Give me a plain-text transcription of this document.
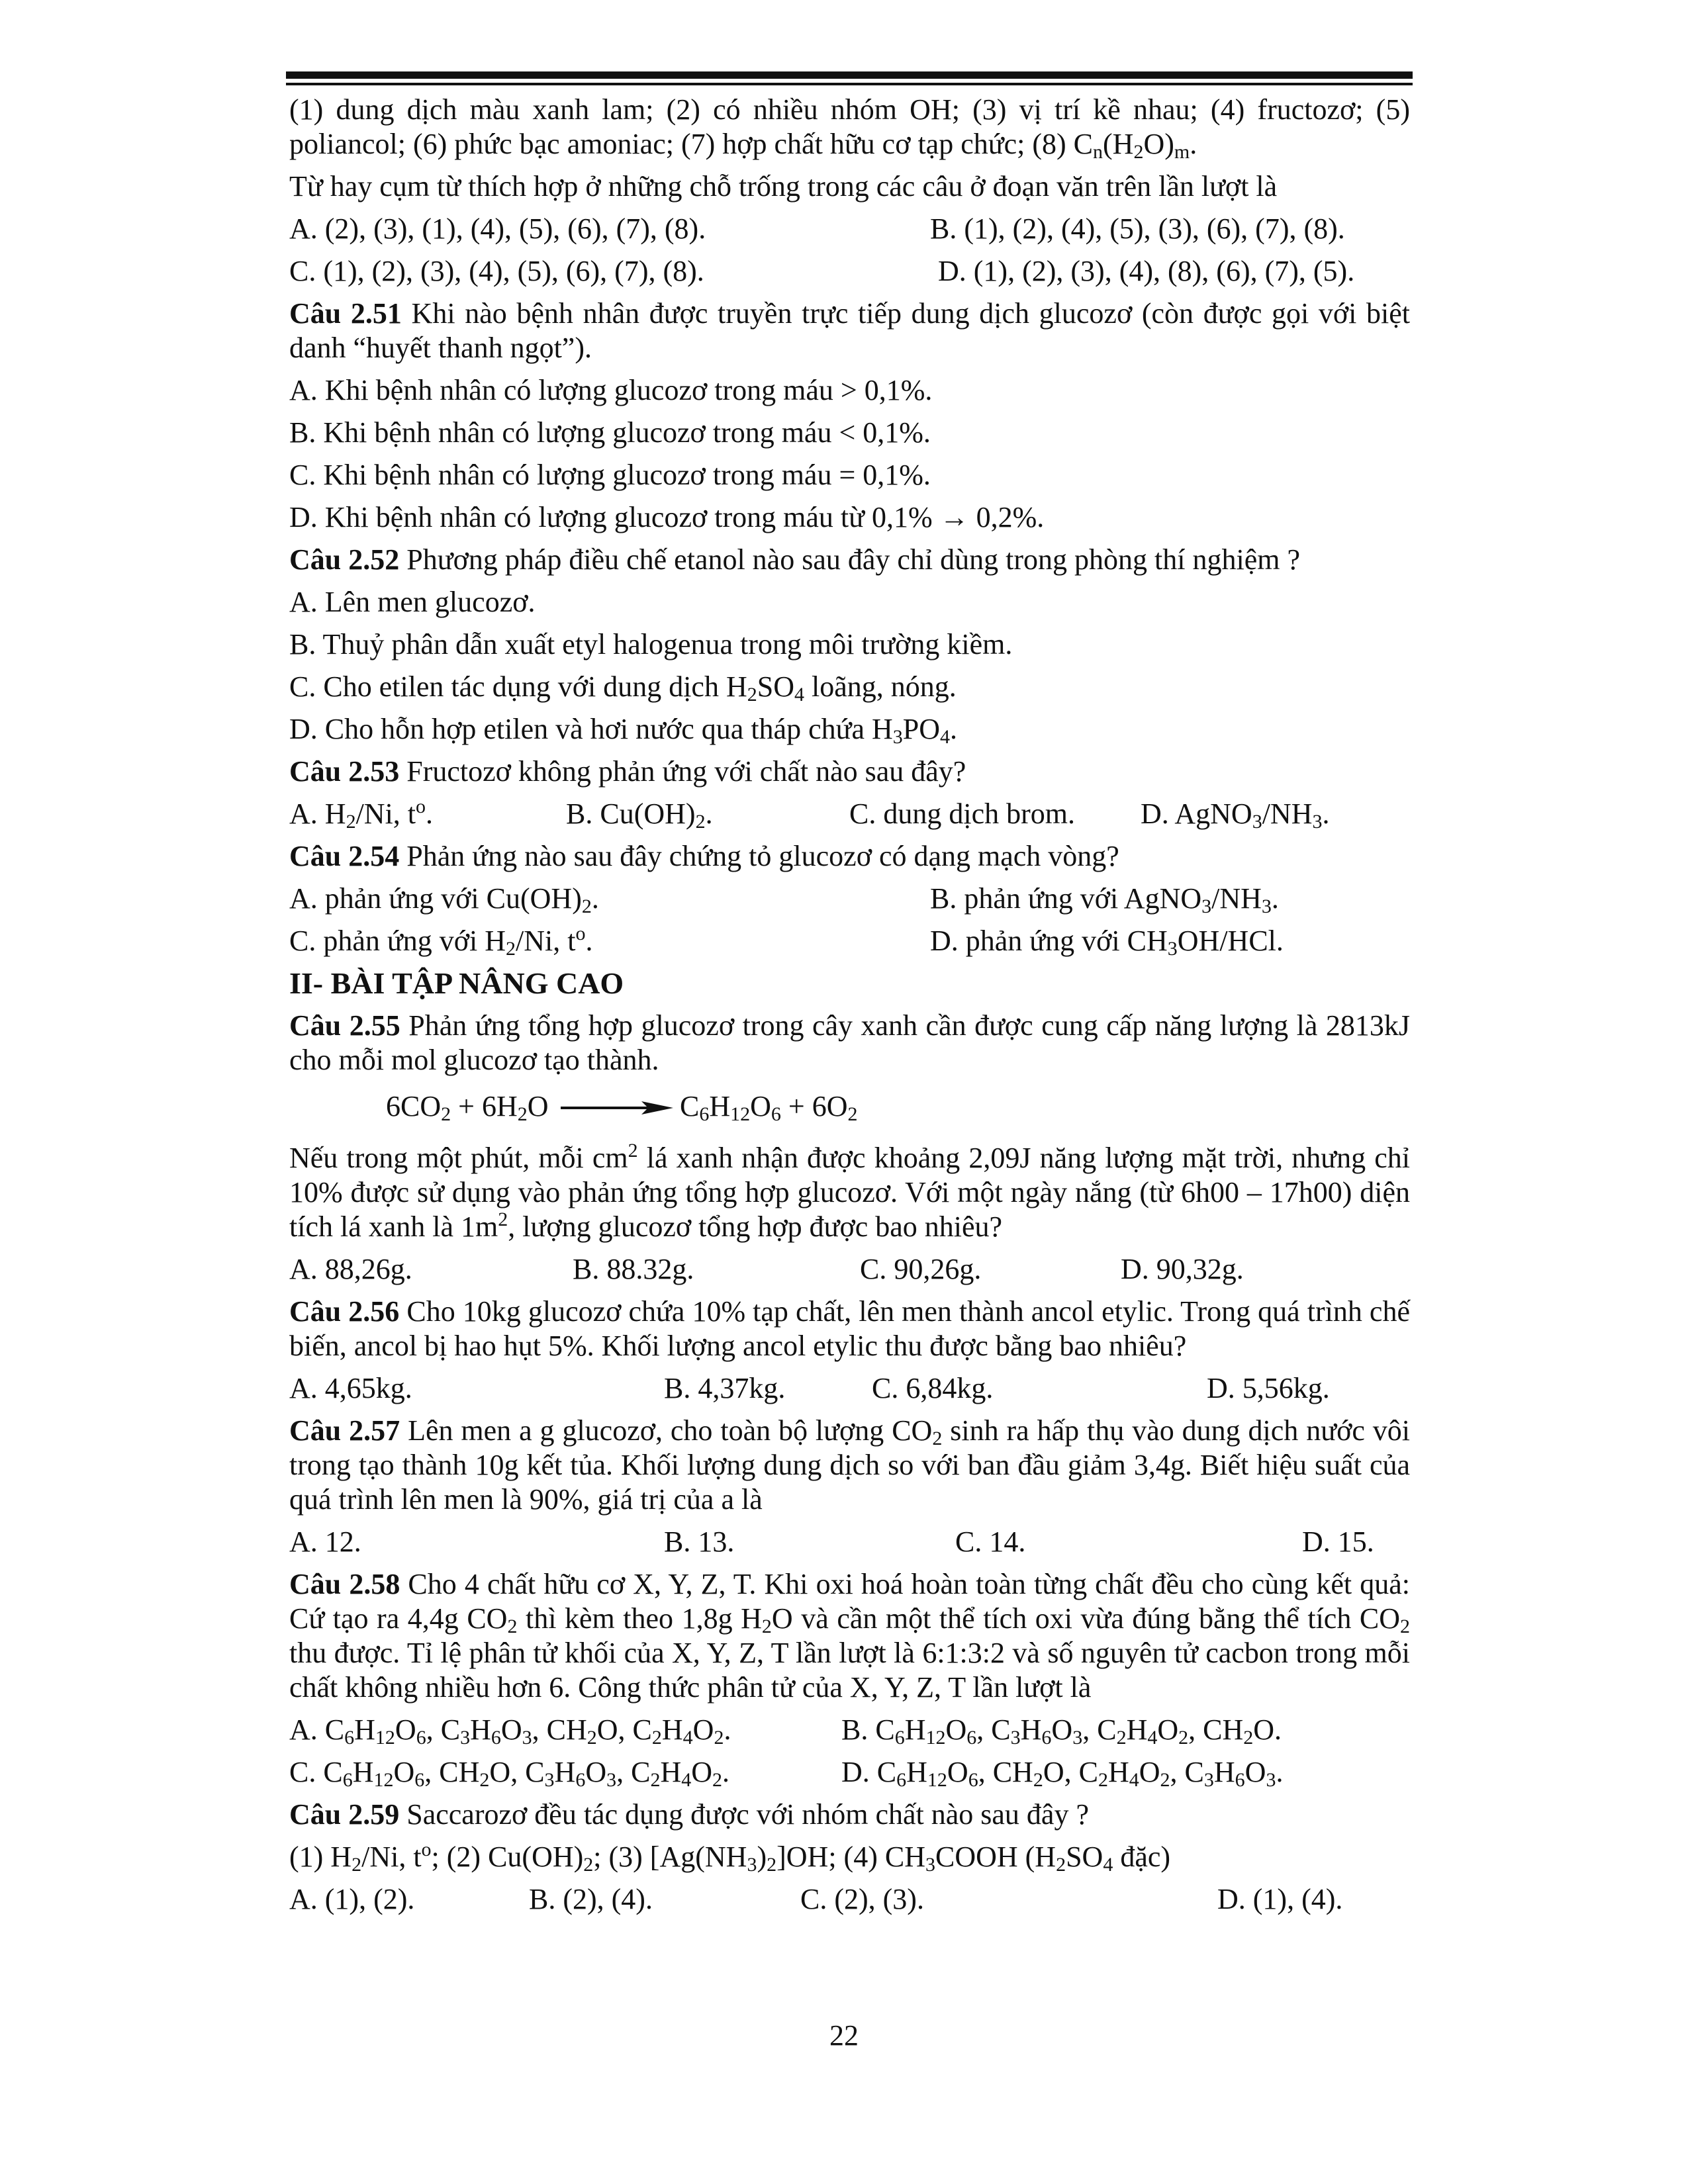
(1) dung dịch màu xanh lam; (2) có nhiều nhóm OH; (3) vị trí kề nhau; (4) fructozơ; (5) poliancol; (6) phức bạc amoniac; (7) hợp chất hữu cơ tạp chức; (8) $C_n(H_2O)_m$.

Từ hay cụm từ thích hợp ở những chỗ trống trong các câu ở đoạn văn trên lần lượt là

A. (2), (3), (1), (4), (5), (6), (7), (8).	B. (1), (2), (4), (5), (3), (6), (7), (8).
C. (1), (2), (3), (4), (5), (6), (7), (8).	D. (1), (2), (3), (4), (8), (6), (7), (5).

Câu 2.51 Khi nào bệnh nhân được truyền trực tiếp dung dịch glucozơ (còn được gọi với biệt danh “huyết thanh ngọt”).

A. Khi bệnh nhân có lượng glucozơ trong máu > 0,1%.

B. Khi bệnh nhân có lượng glucozơ trong máu < 0,1%.

C. Khi bệnh nhân có lượng glucozơ trong máu = 0,1%.

D. Khi bệnh nhân có lượng glucozơ trong máu từ 0,1% → 0,2%.

Câu 2.52 Phương pháp điều chế etanol nào sau đây chỉ dùng trong phòng thí nghiệm ?

A. Lên men glucozơ.

B. Thuỷ phân dẫn xuất etyl halogenua trong môi trường kiềm.

C. Cho etilen tác dụng với dung dịch $H_2SO_4$ loãng, nóng.

D. Cho hỗn hợp etilen và hơi nước qua tháp chứa $H_3PO_4$.

Câu 2.53 Fructozơ không phản ứng với chất nào sau đây?

A. $H_2/Ni$, $t^o$.	B. $Cu(OH)_2$.	C. dung dịch brom. D. $AgNO_3/NH_3$.

Câu 2.54 Phản ứng nào sau đây chứng tỏ glucozơ có dạng mạch vòng?

A. phản ứng với $Cu(OH)_2$.	B. phản ứng với $AgNO_3/NH_3$.
C. phản ứng với $H_2/Ni$, $t^o$.	D. phản ứng với $CH_3OH$/HCl.

II- BÀI TẬP NÂNG CAO

Câu 2.55 Phản ứng tổng hợp glucozơ trong cây xanh cần được cung cấp năng lượng là 2813kJ cho mỗi mol glucozơ tạo thành.

$6CO_2 + 6H_2O \to C_6H_{12}O_6 + 6O_2$

Nếu trong một phút, mỗi $cm^2$ lá xanh nhận được khoảng 2,09J năng lượng mặt trời, nhưng chỉ 10% được sử dụng vào phản ứng tổng hợp glucozơ. Với một ngày nắng (từ 6h00 – 17h00) diện tích lá xanh là $1m^2$, lượng glucozơ tổng hợp được bao nhiêu?

A. 88,26g.	B. 88.32g.	C. 90,26g.	D. 90,32g.

Câu 2.56 Cho 10kg glucozơ chứa 10% tạp chất, lên men thành ancol etylic. Trong quá trình chế biến, ancol bị hao hụt 5%. Khối lượng ancol etylic thu được bằng bao nhiêu?

A. 4,65kg.	B. 4,37kg.	C. 6,84kg.	D. 5,56kg.

Câu 2.57 Lên men a g glucozơ, cho toàn bộ lượng $CO_2$ sinh ra hấp thụ vào dung dịch nước vôi trong tạo thành 10g kết tủa. Khối lượng dung dịch so với ban đầu giảm 3,4g. Biết hiệu suất của quá trình lên men là 90%, giá trị của a là

A. 12.	B. 13.	C. 14.	D. 15.

Câu 2.58 Cho 4 chất hữu cơ X, Y, Z, T. Khi oxi hoá hoàn toàn từng chất đều cho cùng kết quả: Cứ tạo ra 4,4g $CO_2$ thì kèm theo 1,8g $H_2O$ và cần một thể tích oxi vừa đúng bằng thể tích $CO_2$ thu được. Tỉ lệ phân tử khối của X, Y, Z, T lần lượt là 6:1:3:2 và số nguyên tử cacbon trong mỗi chất không nhiều hơn 6. Công thức phân tử của X, Y, Z, T lần lượt là

A. $C_6H_{12}O_6$, $C_3H_6O_3$, $CH_2O$, $C_2H_4O_2$.	B. $C_6H_{12}O_6$, $C_3H_6O_3$, $C_2H_4O_2$, $CH_2O$.
C. $C_6H_{12}O_6$, $CH_2O$, $C_3H_6O_3$, $C_2H_4O_2$.	D. $C_6H_{12}O_6$, $CH_2O$, $C_2H_4O_2$, $C_3H_6O_3$.

Câu 2.59 Saccarozơ đều tác dụng được với nhóm chất nào sau đây ?

(1) $H_2/Ni$, $t^o$; (2) $Cu(OH)_2$; (3) $[Ag(NH_3)_2]OH$; (4) $CH_3COOH$ ($H_2SO_4$ đặc)

A. (1), (2).	B. (2), (4).	C. (2), (3).	D. (1), (4).
22
